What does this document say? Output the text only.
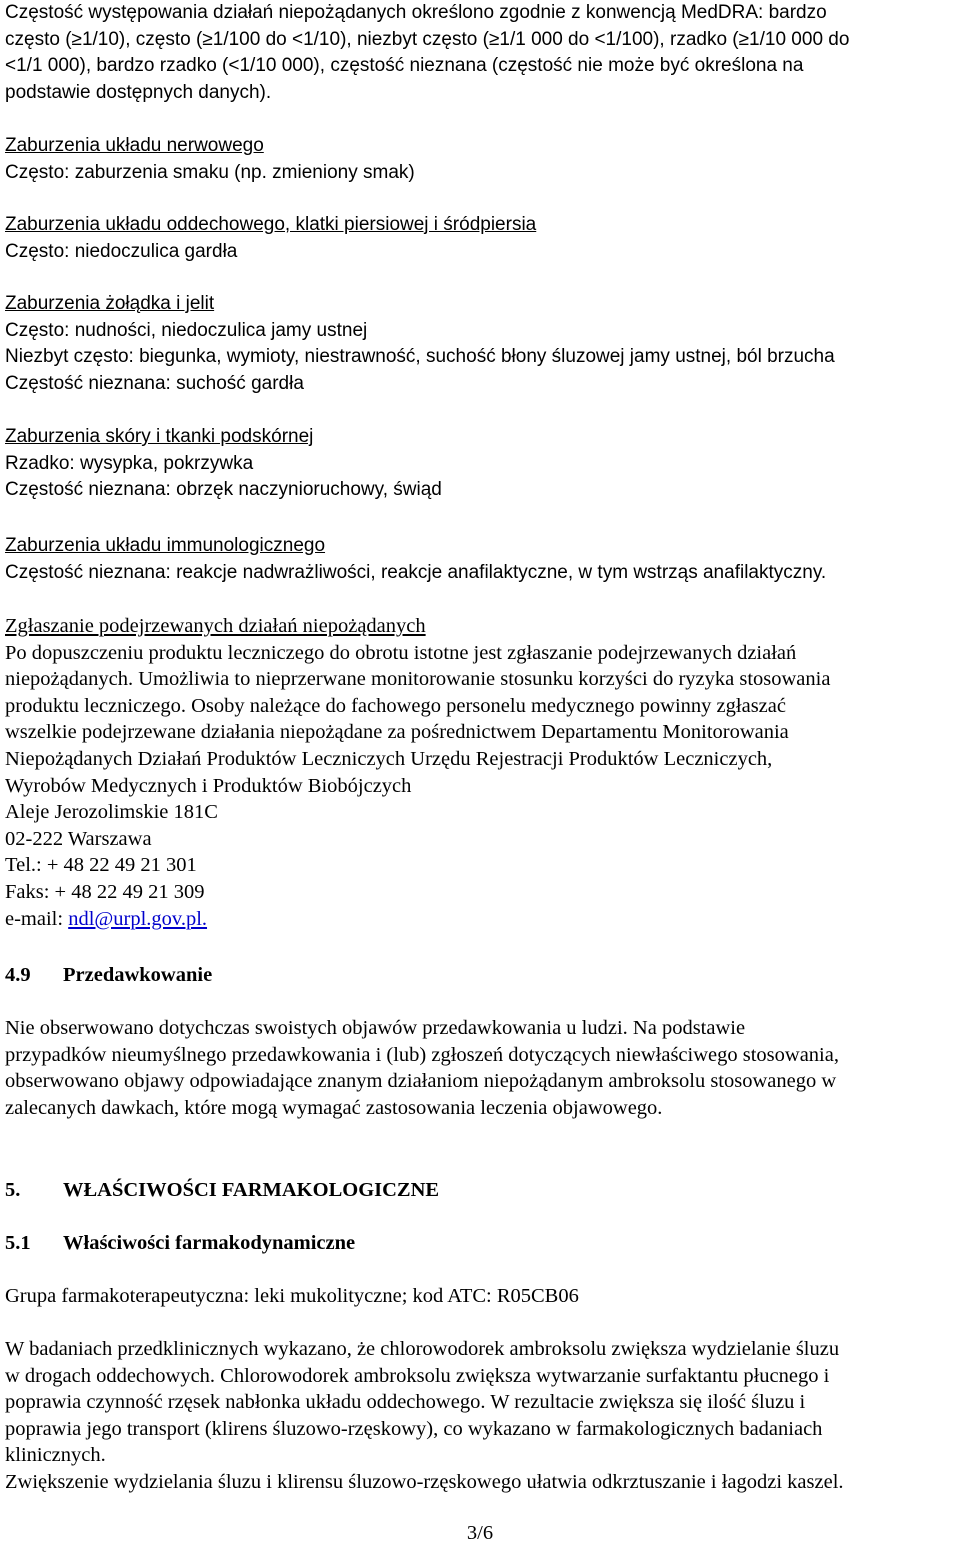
Częstość występowania działań niepożądanych określono zgodnie z konwencją MedDRA: bardzo
często (≥1/10), często (≥1/100 do <1/10), niezbyt często (≥1/1 000 do <1/100), rzadko (≥1/10 000 do
<1/1 000), bardzo rzadko (<1/10 000), częstość nieznana (częstość nie może być określona na
podstawie dostępnych danych).
Zaburzenia układu nerwowego
Często: zaburzenia smaku (np. zmieniony smak)
Zaburzenia układu oddechowego, klatki piersiowej i śródpiersia
Często: niedoczulica gardła
Zaburzenia żołądka i jelit
Często: nudności, niedoczulica jamy ustnej
Niezbyt często: biegunka, wymioty, niestrawność, suchość błony śluzowej jamy ustnej, ból brzucha
Częstość nieznana: suchość gardła
Zaburzenia skóry i tkanki podskórnej
Rzadko: wysypka, pokrzywka
Częstość nieznana: obrzęk naczynioruchowy, świąd
Zaburzenia układu immunologicznego
Częstość nieznana: reakcje nadwrażliwości, reakcje anafilaktyczne, w tym wstrząs anafilaktyczny.
Zgłaszanie podejrzewanych działań niepożądanych
Po dopuszczeniu produktu leczniczego do obrotu istotne jest zgłaszanie podejrzewanych działań
niepożądanych. Umożliwia to nieprzerwane monitorowanie stosunku korzyści do ryzyka stosowania
produktu leczniczego. Osoby należące do fachowego personelu medycznego powinny zgłaszać
wszelkie podejrzewane działania niepożądane za pośrednictwem Departamentu Monitorowania
Niepożądanych Działań Produktów Leczniczych Urzędu Rejestracji Produktów Leczniczych,
Wyrobów Medycznych i Produktów Biobójczych
Aleje Jerozolimskie 181C
02-222 Warszawa
Tel.: + 48 22 49 21 301
Faks: + 48 22 49 21 309
e-mail: ndl@urpl.gov.pl.
4.9 Przedawkowanie
Nie obserwowano dotychczas swoistych objawów przedawkowania u ludzi. Na podstawie
przypadków nieumyślnego przedawkowania i (lub) zgłoszeń dotyczących niewłaściwego stosowania,
obserwowano objawy odpowiadające znanym działaniom niepożądanym ambroksolu stosowanego w
zalecanych dawkach, które mogą wymagać zastosowania leczenia objawowego.
5. WŁAŚCIWOŚCI FARMAKOLOGICZNE
5.1 Właściwości farmakodynamiczne
Grupa farmakoterapeutyczna: leki mukolityczne; kod ATC: R05CB06
W badaniach przedklinicznych wykazano, że chlorowodorek ambroksolu zwiększa wydzielanie śluzu
w drogach oddechowych. Chlorowodorek ambroksolu zwiększa wytwarzanie surfaktantu płucnego i
poprawia czynność rzęsek nabłonka układu oddechowego. W rezultacie zwiększa się ilość śluzu i
poprawia jego transport (klirens śluzowo-rzęskowy), co wykazano w farmakologicznych badaniach
klinicznych.
Zwiększenie wydzielania śluzu i klirensu śluzowo-rzęskowego ułatwia odkrztuszanie i łagodzi kaszel.
3/6
